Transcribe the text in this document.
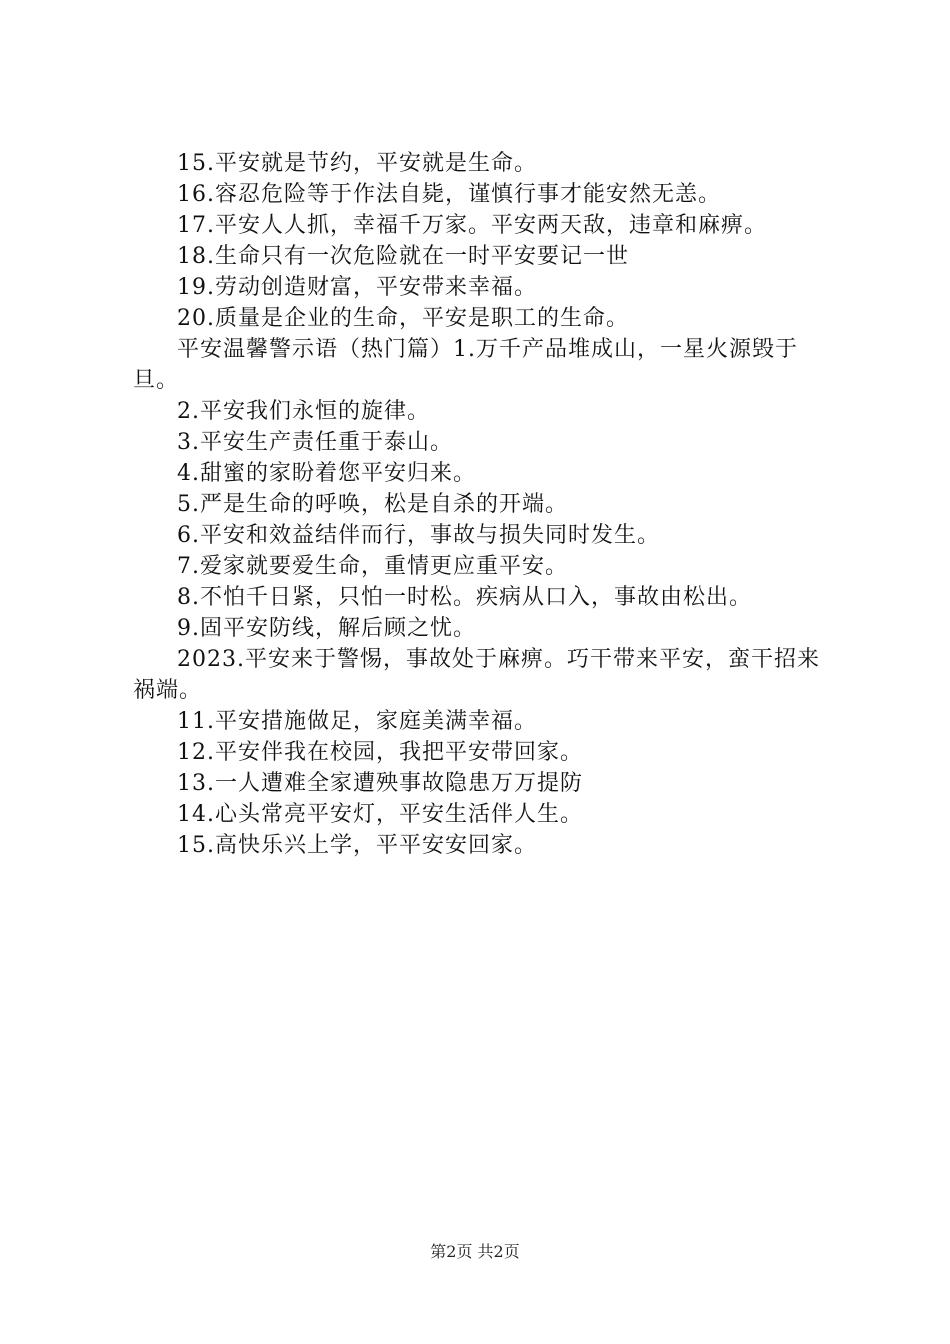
15.平安就是节约，平安就是生命。

16.容忍危险等于作法自毙，谨慎行事才能安然无恙。

17.平安人人抓，幸福千万家。平安两天敌，违章和麻痹。

18.生命只有一次危险就在一时平安要记一世

19.劳动创造财富，平安带来幸福。

20.质量是企业的生命，平安是职工的生命。

平安温馨警示语（热门篇）1.万千产品堆成山，一星火源毁于旦。

2.平安我们永恒的旋律。

3.平安生产责任重于泰山。

4.甜蜜的家盼着您平安归来。

5.严是生命的呼唤，松是自杀的开端。

6.平安和效益结伴而行，事故与损失同时发生。

7.爱家就要爱生命，重情更应重平安。

8.不怕千日紧，只怕一时松。疾病从口入，事故由松出。

9.固平安防线，解后顾之忧。

2023.平安来于警惕，事故处于麻痹。巧干带来平安，蛮干招来祸端。

11.平安措施做足，家庭美满幸福。

12.平安伴我在校园，我把平安带回家。

13.一人遭难全家遭殃事故隐患万万提防

14.心头常亮平安灯，平安生活伴人生。

15.高快乐兴上学，平平安安回家。

第2页 共2页
